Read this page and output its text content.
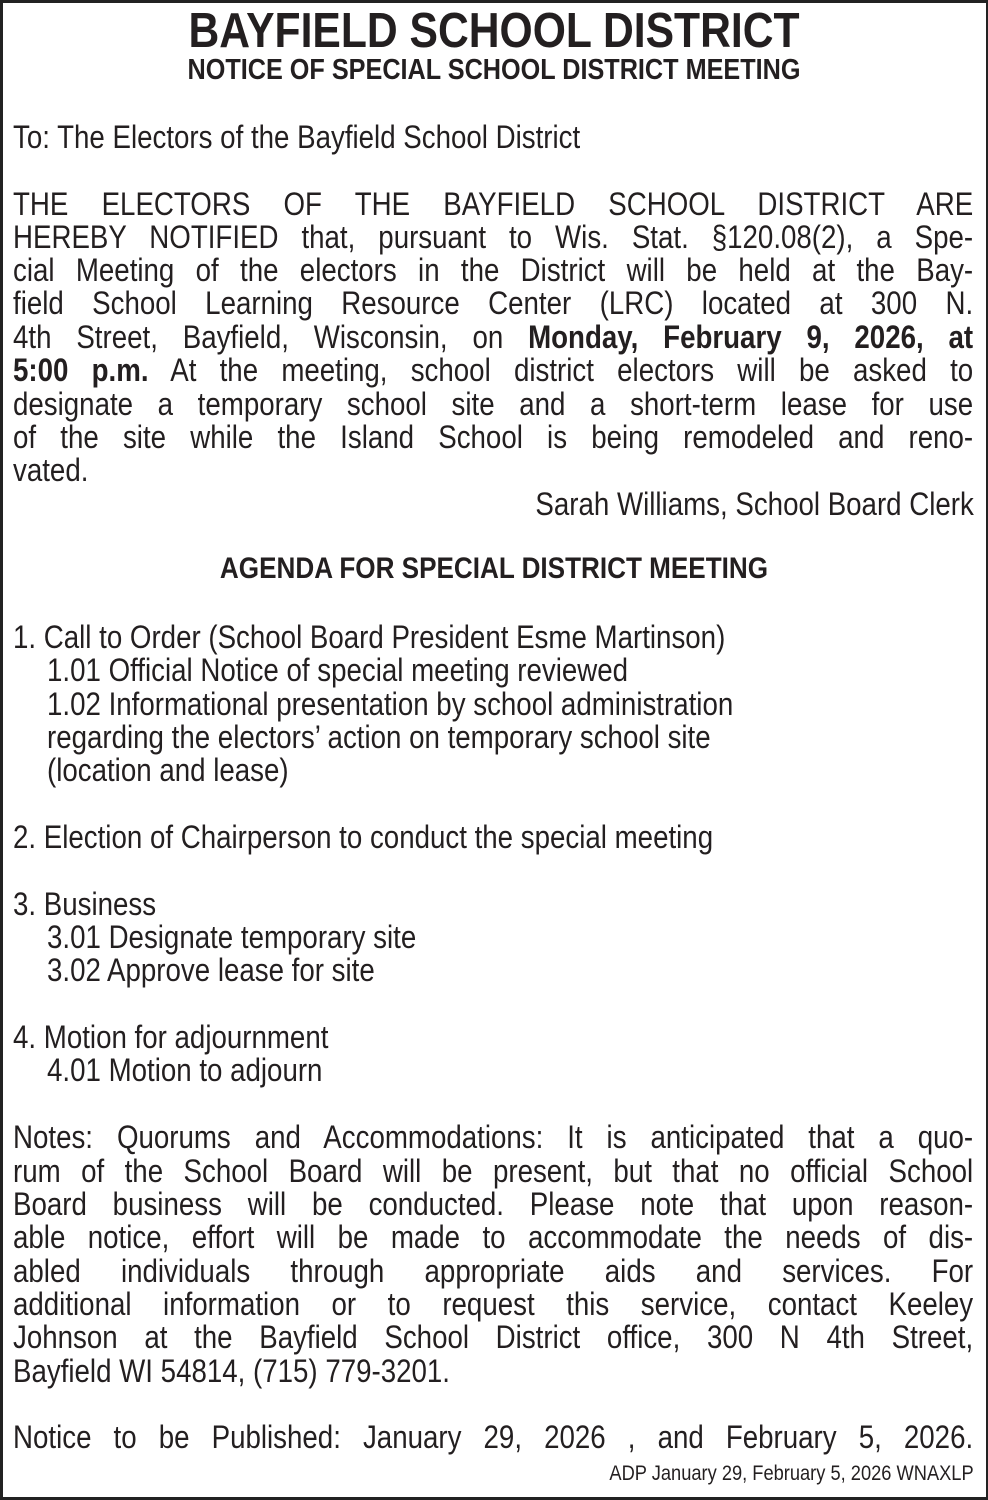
BAYFIELD SCHOOL DISTRICT
NOTICE OF SPECIAL SCHOOL DISTRICT MEETING
To: The Electors of the Bayfield School District
THE ELECTORS OF THE BAYFIELD SCHOOL DISTRICT ARE
HEREBY NOTIFIED that, pursuant to Wis. Stat. §120.08(2), a Spe-
cial Meeting of the electors in the District will be held at the Bay-
field School Learning Resource Center (LRC) located at 300 N.
4th Street, Bayfield, Wisconsin, on Monday, February 9, 2026, at
5:00 p.m. At the meeting, school district electors will be asked to
designate a temporary school site and a short-term lease for use
of the site while the Island School is being remodeled and reno-
vated.
Sarah Williams, School Board Clerk
AGENDA FOR SPECIAL DISTRICT MEETING
1. Call to Order (School Board President Esme Martinson)
1.01 Official Notice of special meeting reviewed
1.02 Informational presentation by school administration
regarding the electors’ action on temporary school site
(location and lease)
2. Election of Chairperson to conduct the special meeting
3. Business
3.01 Designate temporary site
3.02 Approve lease for site
4. Motion for adjournment
4.01 Motion to adjourn
Notes: Quorums and Accommodations: It is anticipated that a quo-
rum of the School Board will be present, but that no official School
Board business will be conducted. Please note that upon reason-
able notice, effort will be made to accommodate the needs of dis-
abled individuals through appropriate aids and services. For
additional information or to request this service, contact Keeley
Johnson at the Bayfield School District office, 300 N 4th Street,
Bayfield WI 54814, (715) 779-3201.
Notice to be Published: January 29, 2026 , and February 5, 2026.
ADP January 29, February 5, 2026 WNAXLP
